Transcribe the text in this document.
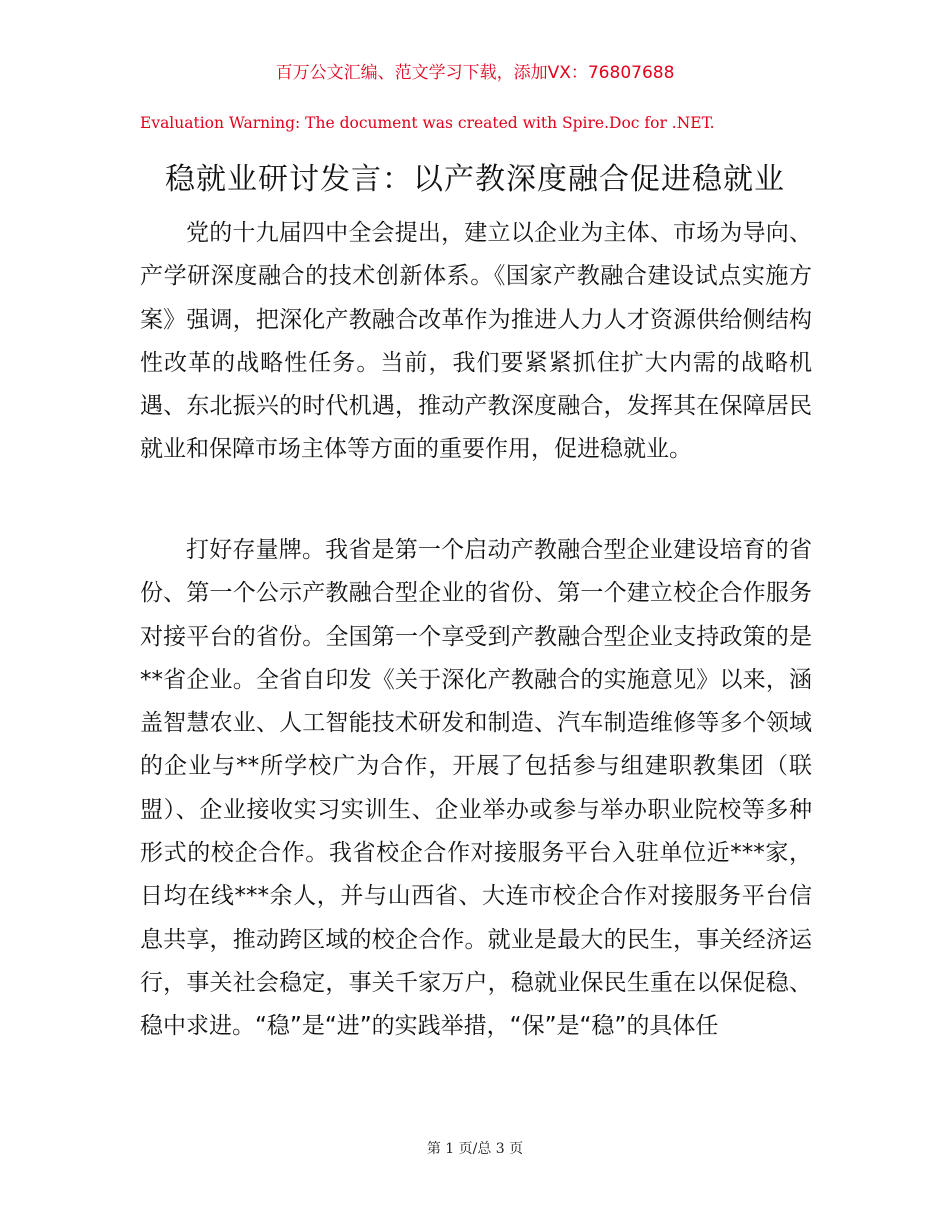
百万公文汇编、范文学习下载，添加VX：76807688
Evaluation Warning: The document was created with Spire.Doc for .NET.
稳就业研讨发言：以产教深度融合促进稳就业
党的十九届四中全会提出，建立以企业为主体、市场为导向、产学研深度融合的技术创新体系。《国家产教融合建设试点实施方案》强调，把深化产教融合改革作为推进人力人才资源供给侧结构性改革的战略性任务。当前，我们要紧紧抓住扩大内需的战略机遇、东北振兴的时代机遇，推动产教深度融合，发挥其在保障居民就业和保障市场主体等方面的重要作用，促进稳就业。
打好存量牌。我省是第一个启动产教融合型企业建设培育的省份、第一个公示产教融合型企业的省份、第一个建立校企合作服务对接平台的省份。全国第一个享受到产教融合型企业支持政策的是**省企业。全省自印发《关于深化产教融合的实施意见》以来，涵盖智慧农业、人工智能技术研发和制造、汽车制造维修等多个领域的企业与**所学校广为合作，开展了包括参与组建职教集团（联盟）、企业接收实习实训生、企业举办或参与举办职业院校等多种形式的校企合作。我省校企合作对接服务平台入驻单位近***家，日均在线***余人，并与山西省、大连市校企合作对接服务平台信息共享，推动跨区域的校企合作。就业是最大的民生，事关经济运行，事关社会稳定，事关千家万户，稳就业保民生重在以保促稳、稳中求进。“稳”是“进”的实践举措，“保”是“稳”的具体任
第 1 页/总 3 页
